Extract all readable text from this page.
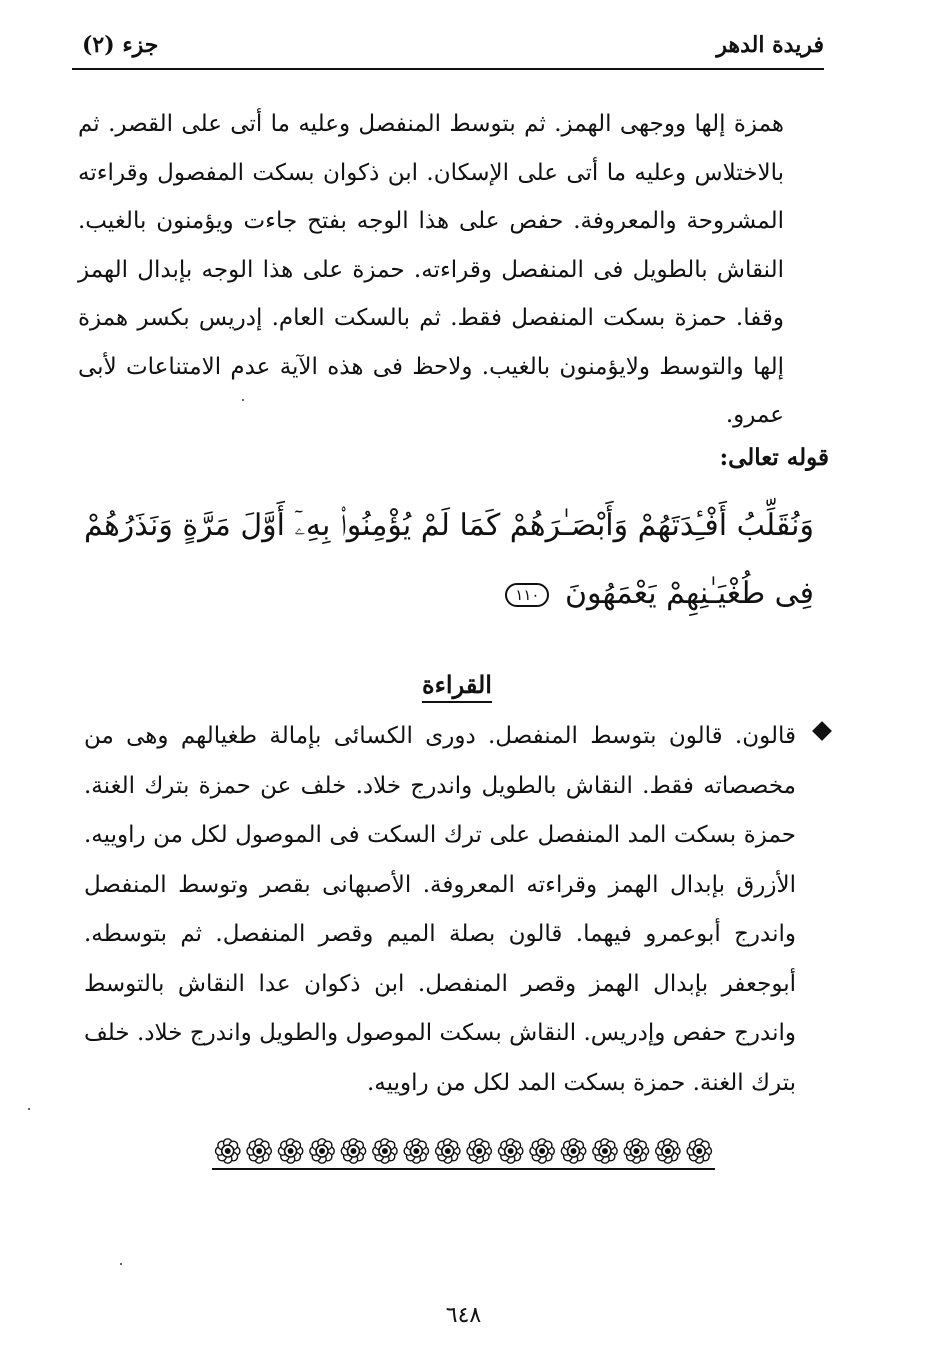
فريدة الدهر
جزء (٢)

همزة إلها ووجهى الهمز. ثم بتوسط المنفصل وعليه ما أتى على القصر. ثم بالاختلاس وعليه ما أتى على الإسكان. ابن ذكوان بسكت المفصول وقراءته المشروحة والمعروفة. حفص على هذا الوجه بفتح جاءت ويؤمنون بالغيب. النقاش بالطويل فى المنفصل وقراءته. حمزة على هذا الوجه بإبدال الهمز وقفا. حمزة بسكت المنفصل فقط. ثم بالسكت العام. إدريس بكسر همزة إلها والتوسط ولايؤمنون بالغيب. ولاحظ فى هذه الآية عدم الامتناعات لأبى عمرو.

قوله تعالى:
وَنُقَلِّبُ أَفْـِٔدَتَهُمْ وَأَبْصَـٰرَهُمْ كَمَا لَمْ يُؤْمِنُوا۟ بِهِۦٓ أَوَّلَ مَرَّةٍ وَنَذَرُهُمْ فِى طُغْيَـٰنِهِمْ يَعْمَهُونَ ١١٠
القراءة

قالون. قالون بتوسط المنفصل. دورى الكسائى بإمالة طغيالهم وهى من مخصصاته فقط. النقاش بالطويل واندرج خلاد. خلف عن حمزة بترك الغنة. حمزة بسكت المد المنفصل على ترك السكت فى الموصول لكل من راوييه. الأزرق بإبدال الهمز وقراءته المعروفة. الأصبهانى بقصر وتوسط المنفصل واندرج أبوعمرو فيهما. قالون بصلة الميم وقصر المنفصل. ثم بتوسطه. أبوجعفر بإبدال الهمز وقصر المنفصل. ابن ذكوان عدا النقاش بالتوسط واندرج حفص وإدريس. النقاش بسكت الموصول والطويل واندرج خلاد. خلف بترك الغنة. حمزة بسكت المد لكل من راوييه.

٦٤٨
